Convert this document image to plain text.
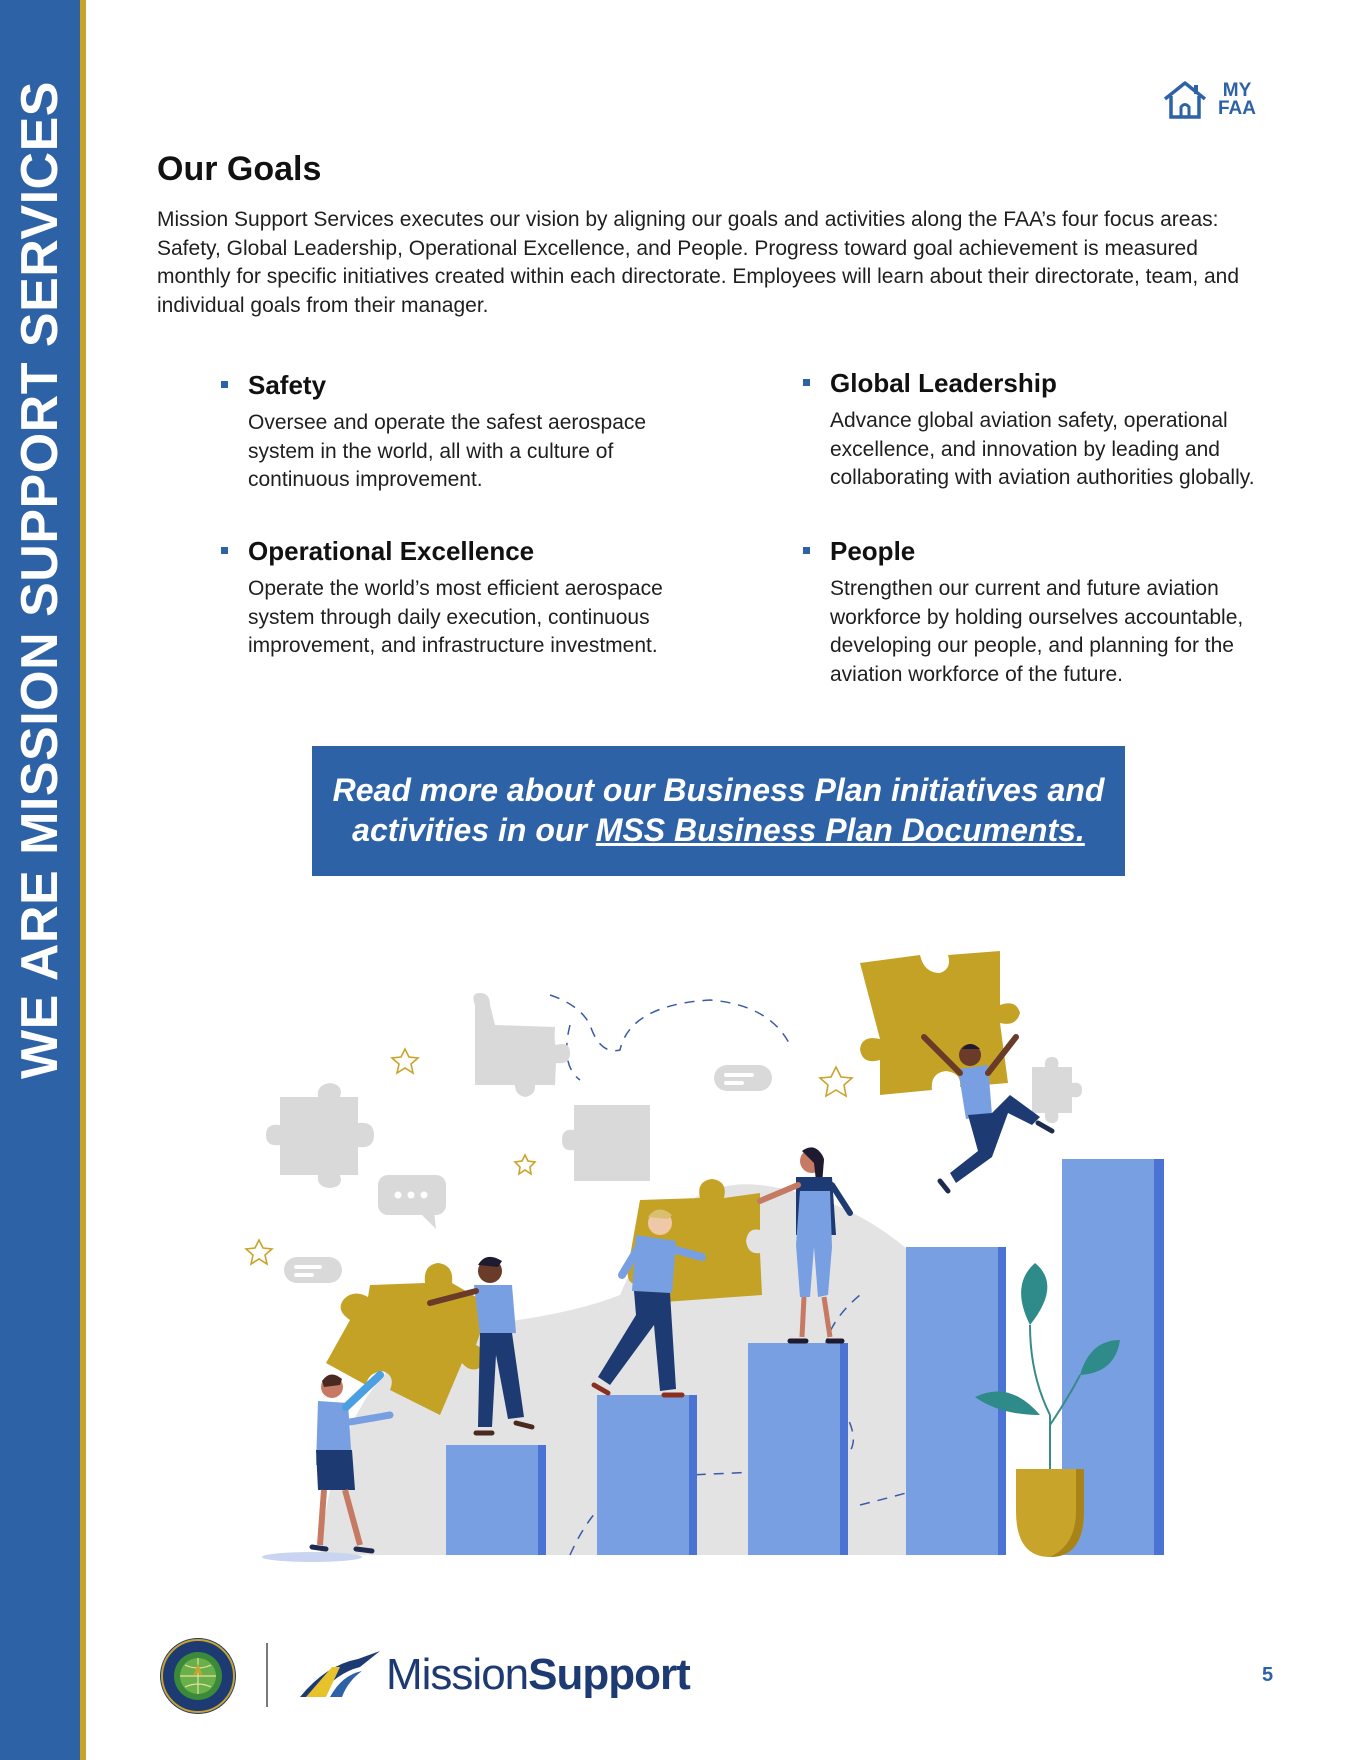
WE ARE MISSION SUPPORT SERVICES	MY
FAA
Our Goals

Mission Support Services executes our vision by aligning our goals and activities along the FAA’s four focus areas: Safety, Global Leadership, Operational Excellence, and People. Progress toward goal achievement is measured monthly for specific initiatives created within each directorate. Employees will learn about their directorate, team, and individual goals from their manager.

Safety

Oversee and operate the safest aerospace system in the world, all with a culture of continuous improvement.

Global Leadership

Advance global aviation safety, operational excellence, and innovation by leading and collaborating with aviation authorities globally.

Operational Excellence

Operate the world’s most efficient aerospace system through daily execution, continuous improvement, and infrastructure investment.

People

Strengthen our current and future aviation workforce by holding ourselves accountable, developing our people, and planning for the aviation workforce of the future.

Read more about our Business Plan initiatives and
activities in our MSS Business Plan Documents.
Mission Support	5
